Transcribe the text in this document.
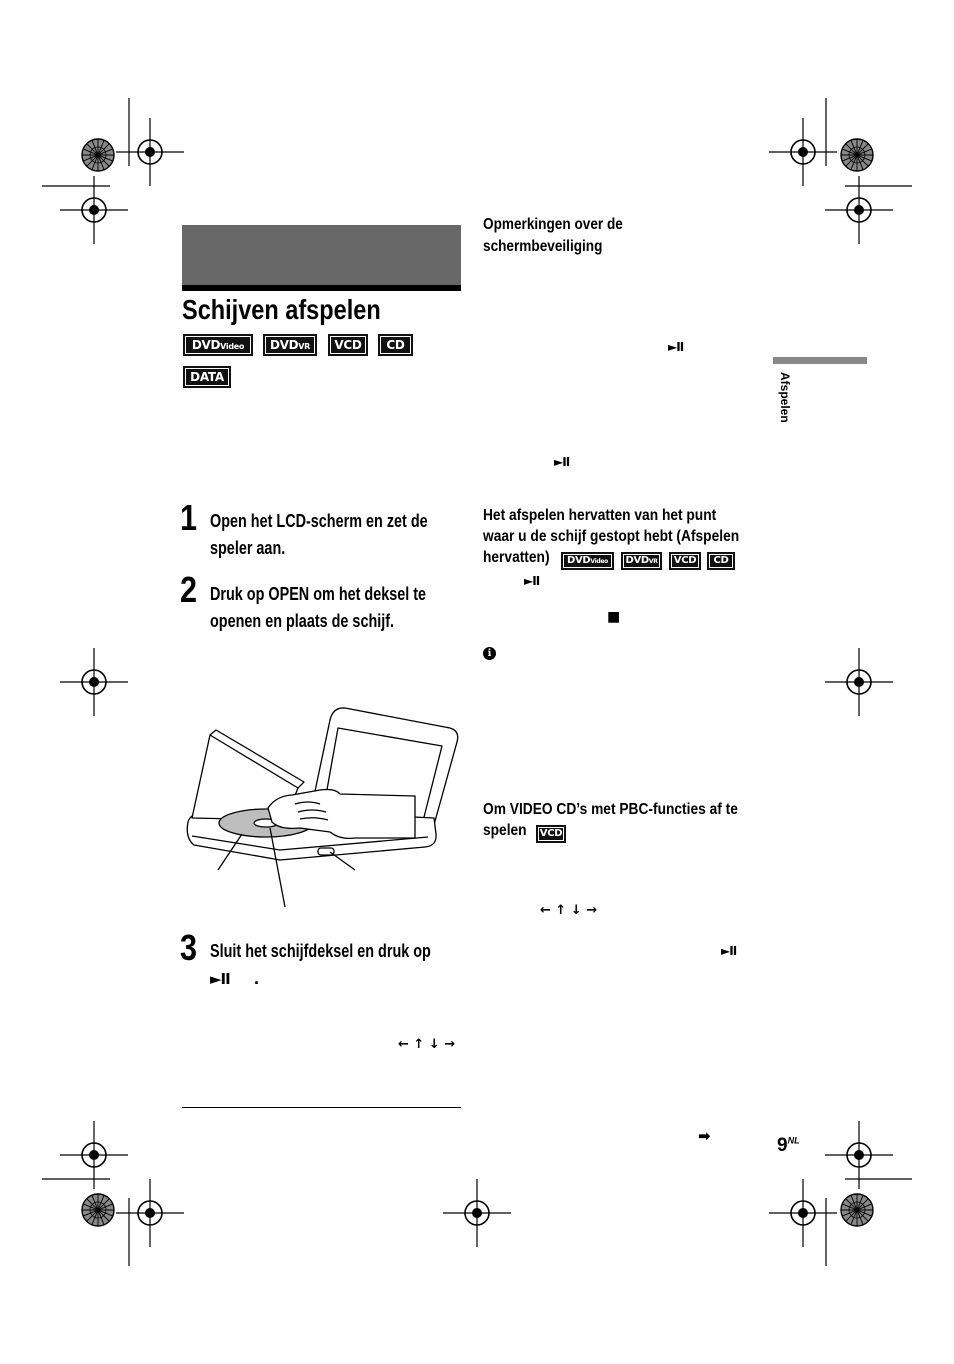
Schijven afspelen
DVDVideo	DVDVR	VCD	CD
DATA
1 Open het LCD-scherm en zet de
speler aan.
2 Druk op OPEN om het deksel te
openen en plaats de schijf.
3 Sluit het schijfdeksel en druk op
►II .
← ↑ ↓ →
Opmerkingen over de
schermbeveiliging
►II
►II
Het afspelen hervatten van het punt
waar u de schijf gestopt hebt (Afspelen
hervatten)	DVDVideo	DVDVR	VCD	CD
►II
■
ℹ
Om VIDEO CD’s met PBC-functies af te
spelen	VCD
← ↑ ↓ →
►II
➡
Afspelen
$9^{NL}$
